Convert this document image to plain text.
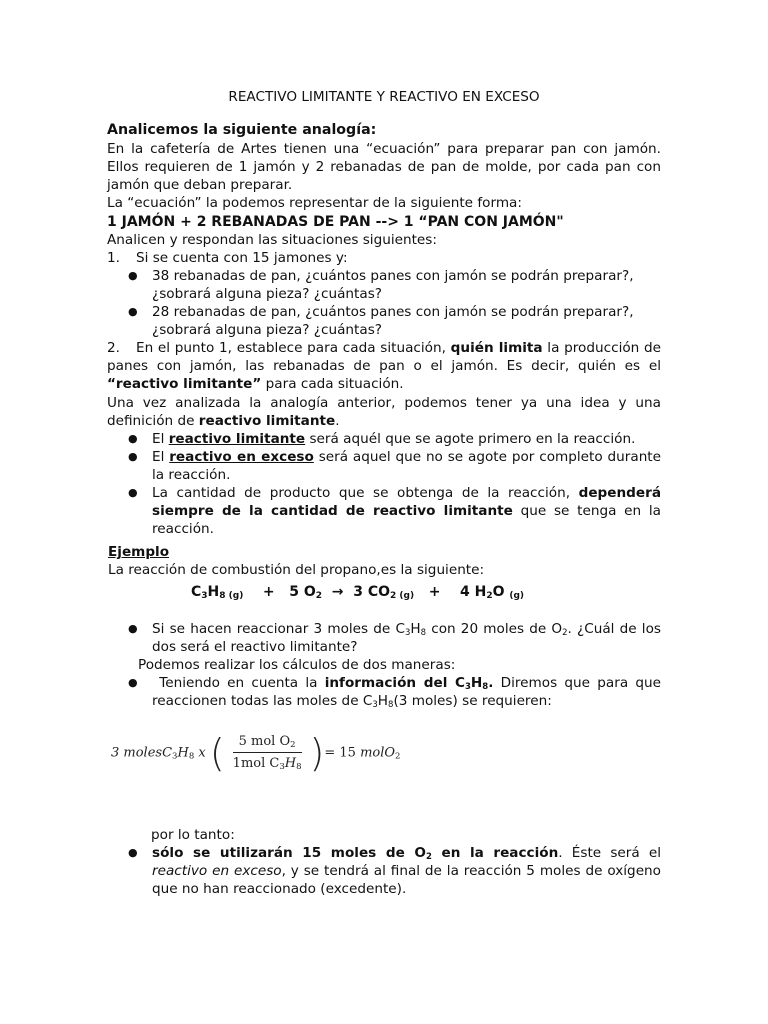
REACTIVO LIMITANTE Y REACTIVO EN EXCESO

Analicemos la siguiente analogía:

En la cafetería de Artes tienen una “ecuación” para preparar pan con jamón. Ellos requieren de 1 jamón y 2 rebanadas de pan de molde, por cada pan con jamón que deban preparar.

La “ecuación” la podemos representar de la siguiente forma:

1 JAMÓN + 2 REBANADAS DE PAN --> 1 “PAN CON JAMÓN"

Analicen y respondan las situaciones siguientes:

1. Si se cuenta con 15 jamones y:

● 38 rebanadas de pan, ¿cuántos panes con jamón se podrán preparar?, ¿sobrará alguna pieza? ¿cuántas?
● 28 rebanadas de pan, ¿cuántos panes con jamón se podrán preparar?, ¿sobrará alguna pieza? ¿cuántas?

2. En el punto 1, establece para cada situación, quién limita la producción de panes con jamón, las rebanadas de pan o el jamón. Es decir, quién es el “reactivo limitante” para cada situación.

Una vez analizada la analogía anterior, podemos tener ya una idea y una definición de reactivo limitante.

● El reactivo limitante será aquél que se agote primero en la reacción.
● El reactivo en exceso será aquel que no se agote por completo durante la reacción.
● La cantidad de producto que se obtenga de la reacción, dependerá siempre de la cantidad de reactivo limitante que se tenga en la reacción.

Ejemplo

La reacción de combustión del propano,es la siguiente:

$C_3H_{8 (g)} + 5$ $O_2 \to 3$ $CO_{2 (g)} + 4$ $H_2O$ $_{(g)}$

● Si se hacen reaccionar 3 moles de $C_3H_8$ con 20 moles de $O_2$. ¿Cuál de los dos será el reactivo limitante?

Podemos realizar los cálculos de dos maneras:

● Teniendo en cuenta la información del $C_3H_8$. Diremos que para que reaccionen todas las moles de $C_3H_8(3$ moles) se requieren:
3 $molesC_3H_8$ x ( $\frac{5 mol O_2}{1mol C_3H_8}$ )= 15 molO$_2$

por lo tanto:

● sólo se utilizarán 15 moles de $O_2$ en la reacción. Éste será el reactivo en exceso, y se tendrá al final de la reacción 5 moles de oxígeno que no han reaccionado (excedente).
